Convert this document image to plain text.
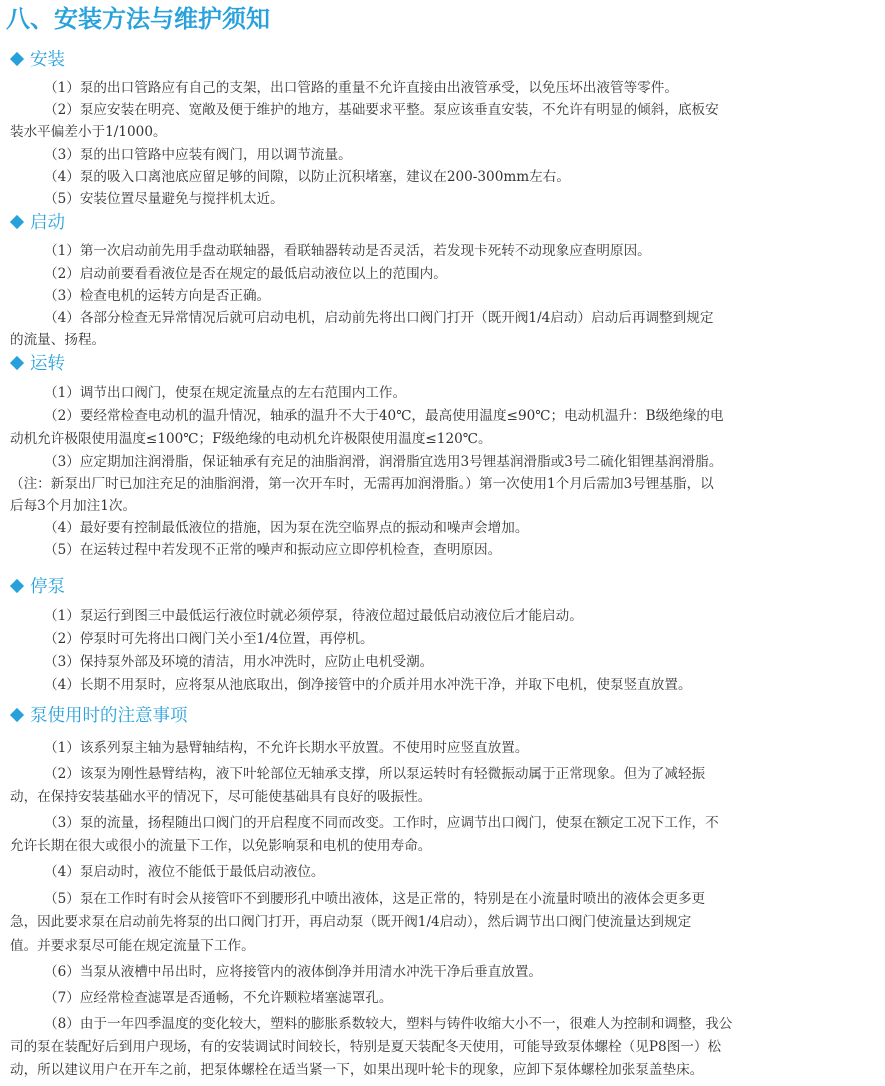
八、安装方法与维护须知
安装

（1）泵的出口管路应有自己的支架，出口管路的重量不允许直接由出液管承受，以免压坏出液管等零件。

（2）泵应安装在明亮、宽敞及便于维护的地方，基础要求平整。泵应该垂直安装，不允许有明显的倾斜，底板安

装水平偏差小于1/1000。

（3）泵的出口管路中应装有阀门，用以调节流量。

（4）泵的吸入口离池底应留足够的间隙，以防止沉积堵塞，建议在200-300mm左右。

（5）安装位置尽量避免与搅拌机太近。

启动

（1）第一次启动前先用手盘动联轴器，看联轴器转动是否灵活，若发现卡死转不动现象应查明原因。

（2）启动前要看看液位是否在规定的最低启动液位以上的范围内。

（3）检查电机的运转方向是否正确。

（4）各部分检查无异常情况后就可启动电机，启动前先将出口阀门打开（既开阀1/4启动）启动后再调整到规定

的流量、扬程。

运转

（1）调节出口阀门，使泵在规定流量点的左右范围内工作。

（2）要经常检查电动机的温升情况，轴承的温升不大于40℃，最高使用温度≤90℃；电动机温升：B级绝缘的电

动机允许极限使用温度≤100℃；F级绝缘的电动机允许极限使用温度≤120℃。

（3）应定期加注润滑脂，保证轴承有充足的油脂润滑，润滑脂宜选用3号锂基润滑脂或3号二硫化钼锂基润滑脂。

（注：新泵出厂时已加注充足的油脂润滑，第一次开车时，无需再加润滑脂。）第一次使用1个月后需加3号锂基脂，以

后每3个月加注1次。

（4）最好要有控制最低液位的措施，因为泵在洗空临界点的振动和噪声会增加。

（5）在运转过程中若发现不正常的噪声和振动应立即停机检查，查明原因。

停泵

（1）泵运行到图三中最低运行液位时就必须停泵，待液位超过最低启动液位后才能启动。

（2）停泵时可先将出口阀门关小至1/4位置，再停机。

（3）保持泵外部及环境的清洁，用水冲洗时，应防止电机受潮。

（4）长期不用泵时，应将泵从池底取出，倒净接管中的介质并用水冲洗干净，并取下电机，使泵竖直放置。

泵使用时的注意事项

（1）该系列泵主轴为悬臂轴结构，不允许长期水平放置。不使用时应竖直放置。

（2）该泵为刚性悬臂结构，液下叶轮部位无轴承支撑，所以泵运转时有轻微振动属于正常现象。但为了减轻振

动，在保持安装基础水平的情况下，尽可能使基础具有良好的吸振性。

（3）泵的流量，扬程随出口阀门的开启程度不同而改变。工作时，应调节出口阀门，使泵在额定工况下工作，不

允许长期在很大或很小的流量下工作，以免影响泵和电机的使用寿命。

（4）泵启动时，液位不能低于最低启动液位。

（5）泵在工作时有时会从接管吓不到腰形孔中喷出液体，这是正常的，特别是在小流量时喷出的液体会更多更

急，因此要求泵在启动前先将泵的出口阀门打开，再启动泵（既开阀1/4启动），然后调节出口阀门使流量达到规定

值。并要求泵尽可能在规定流量下工作。

（6）当泵从液槽中吊出时，应将接管内的液体倒净并用清水冲洗干净后垂直放置。

（7）应经常检查滤罩是否通畅，不允许颗粒堵塞滤罩孔。

（8）由于一年四季温度的变化较大，塑料的膨胀系数较大，塑料与铸件收缩大小不一，很难人为控制和调整，我公

司的泵在装配好后到用户现场，有的安装调试时间较长，特别是夏天装配冬天使用，可能导致泵体螺栓（见P8图一）松

动，所以建议用户在开车之前，把泵体螺栓在适当紧一下，如果出现叶轮卡的现象，应卸下泵体螺栓加张泵盖垫床。
